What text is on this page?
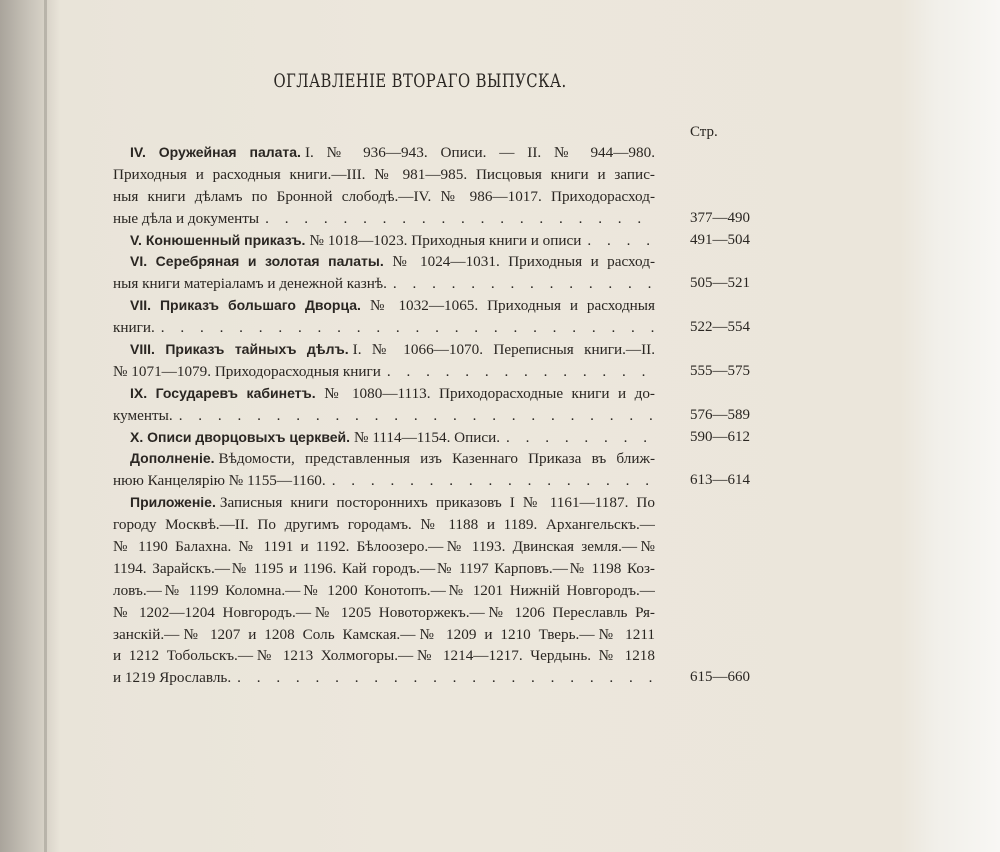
ОГЛАВЛЕНІЕ ВТОРАГО ВЫПУСКА.
Стр.
IV. Оружейная палата. I. № 936—943. Описи. — II. № 944—980.
Приходныя и расходныя книги.—III. № 981—985. Писцовыя книги и запис-
ныя книги дѣламъ по Бронной слободѣ.—IV. № 986—1017. Приходорасход-
ные дѣла и документы . . .	377—490
V. Конюшенный приказъ. № 1018—1023. Приходныя книги и описи . . .	491—504
VI. Серебряная и золотая палаты. № 1024—1031. Приходныя и расход-
ныя книги матеріаламъ и денежной казнѣ. . . .	505—521
VII. Приказъ большаго Дворца. № 1032—1065. Приходныя и расходныя
книги. . . .	522—554
VIII. Приказъ тайныхъ дѣлъ. I. № 1066—1070. Переписныя книги.—II.
№ 1071—1079. Приходорасходныя книги . . .	555—575
IX. Государевъ кабинетъ. № 1080—1113. Приходорасходные книги и до-
кументы. . . .	576—589
X. Описи дворцовыхъ церквей. № 1114—1154. Описи. . . .	590—612
Дополненіе. Вѣдомости, представленныя изъ Казеннаго Приказа въ ближ-
нюю Канцелярію № 1155—1160. . . .	613—614
Приложеніе. Записныя книги постороннихъ приказовъ I № 1161—1187. По
городу Москвѣ.—II. По другимъ городамъ. № 1188 и 1189. Архангельскъ.—
№ 1190 Балахна. № 1191 и 1192. Бѣлоозеро.—№ 1193. Двинская земля.—№
1194. Зарайскъ.—№ 1195 и 1196. Кай городъ.—№ 1197 Карповъ.—№ 1198 Коз-
ловъ.—№ 1199 Коломна.—№ 1200 Конотопъ.—№ 1201 Нижній Новгородъ.—
№ 1202—1204 Новгородъ.—№ 1205 Новоторжекъ.—№ 1206 Переславль Ря-
занскій.—№ 1207 и 1208 Соль Камская.—№ 1209 и 1210 Тверь.—№ 1211
и 1212 Тобольскъ.—№ 1213 Холмогоры.—№ 1214—1217. Чердынь. № 1218
и 1219 Ярославль. . . .	615—660
